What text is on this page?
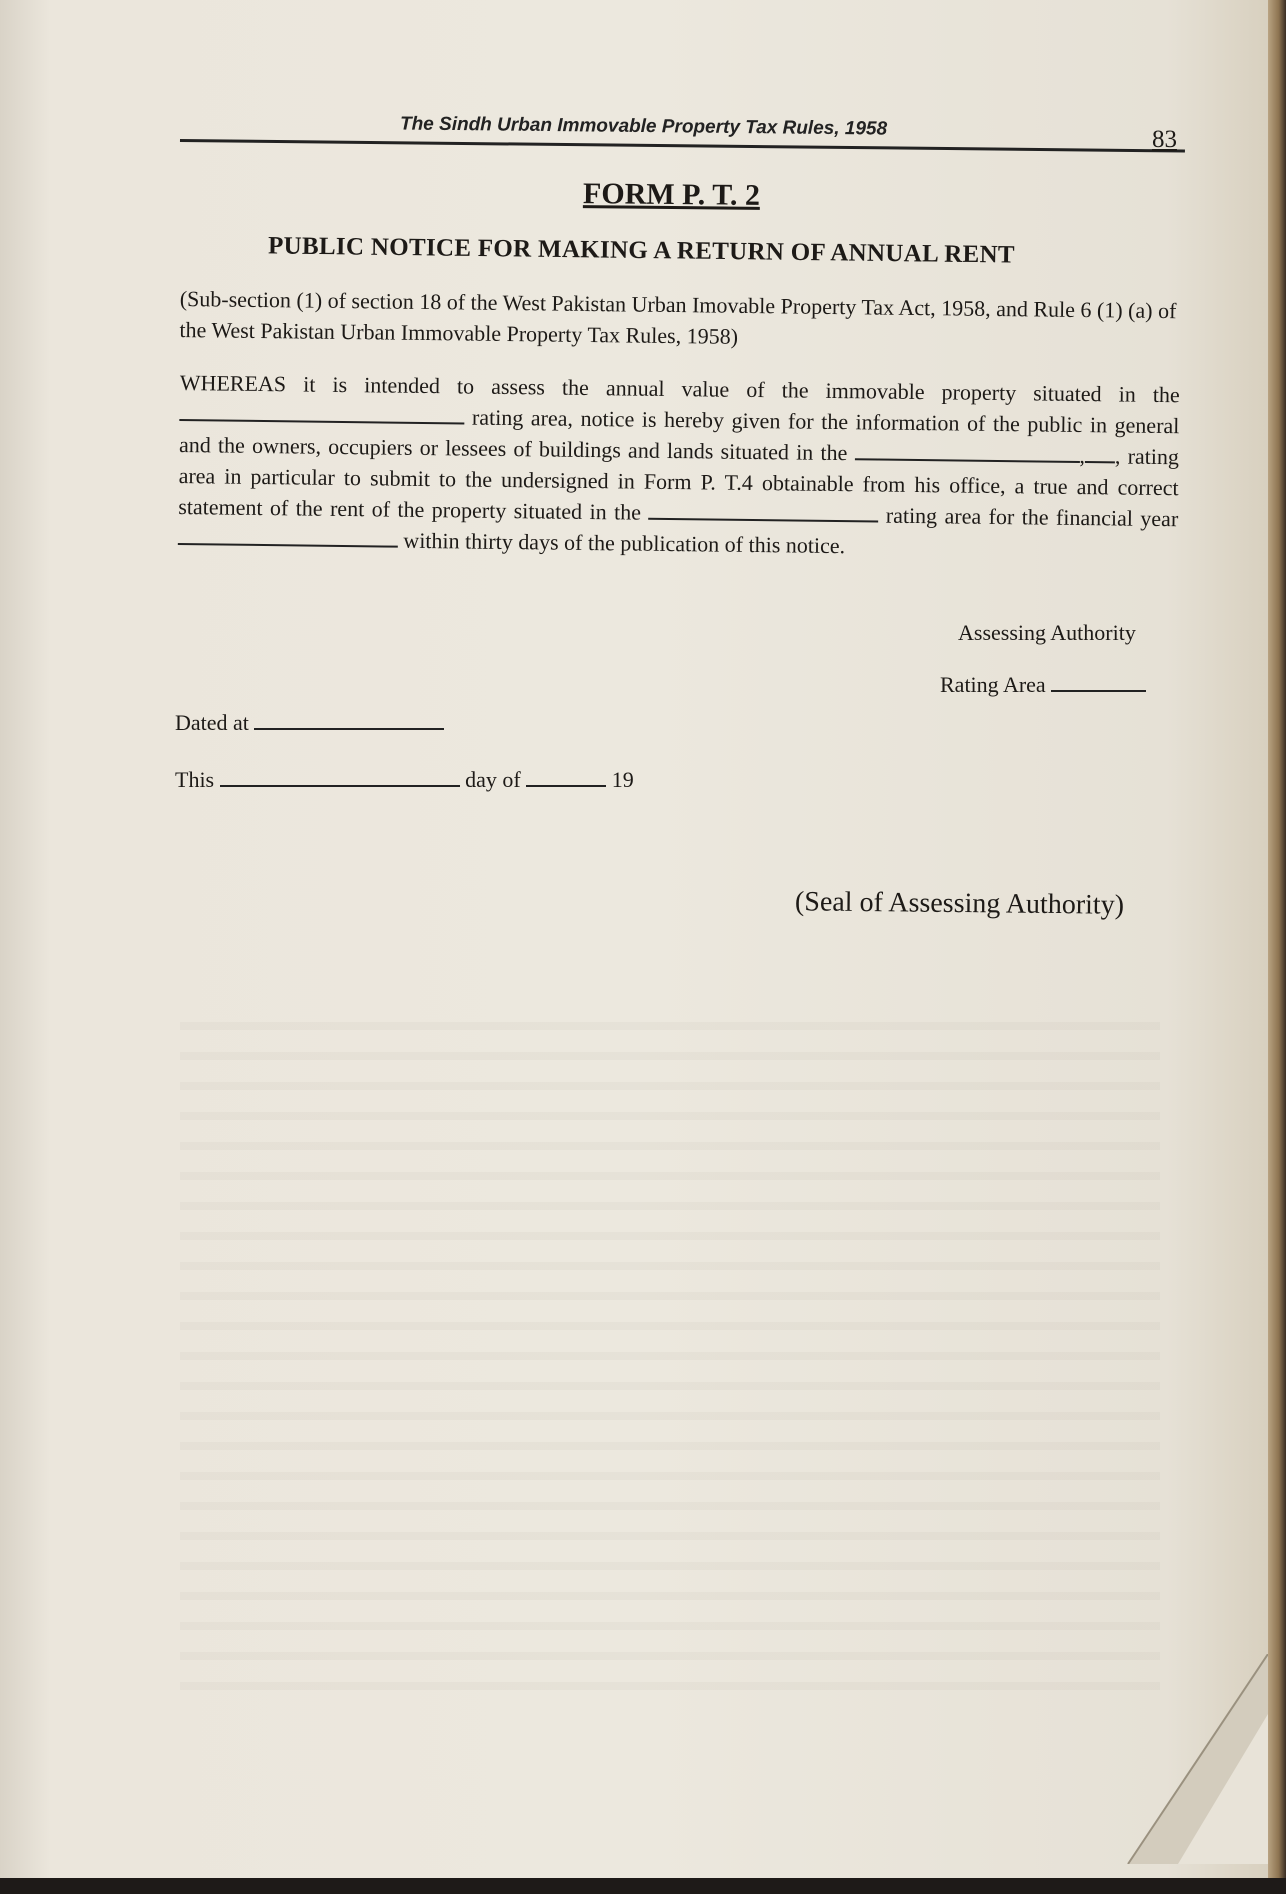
The Sindh Urban Immovable Property Tax Rules, 1958	83
FORM P. T. 2
PUBLIC NOTICE FOR MAKING A RETURN OF ANNUAL RENT
(Sub-section (1) of section 18 of the West Pakistan Urban Imovable Property Tax Act, 1958, and Rule 6 (1) (a) of the West Pakistan Urban Immovable Property Tax Rules, 1958)
WHEREAS it is intended to assess the annual value of the immovable property situated in the  rating area, notice is hereby given for the information of the public in general and the owners, occupiers or lessees of buildings and lands situated in the	, , rating area in particular to submit to the undersigned in Form P. T.4 obtainable from his office, a true and correct statement of the rent of the property situated in the	rating area for the financial year  within thirty days of the publication of this notice.
Assessing Authority
Rating Area
Dated at
This	day of	19
(Seal of Assessing Authority)
